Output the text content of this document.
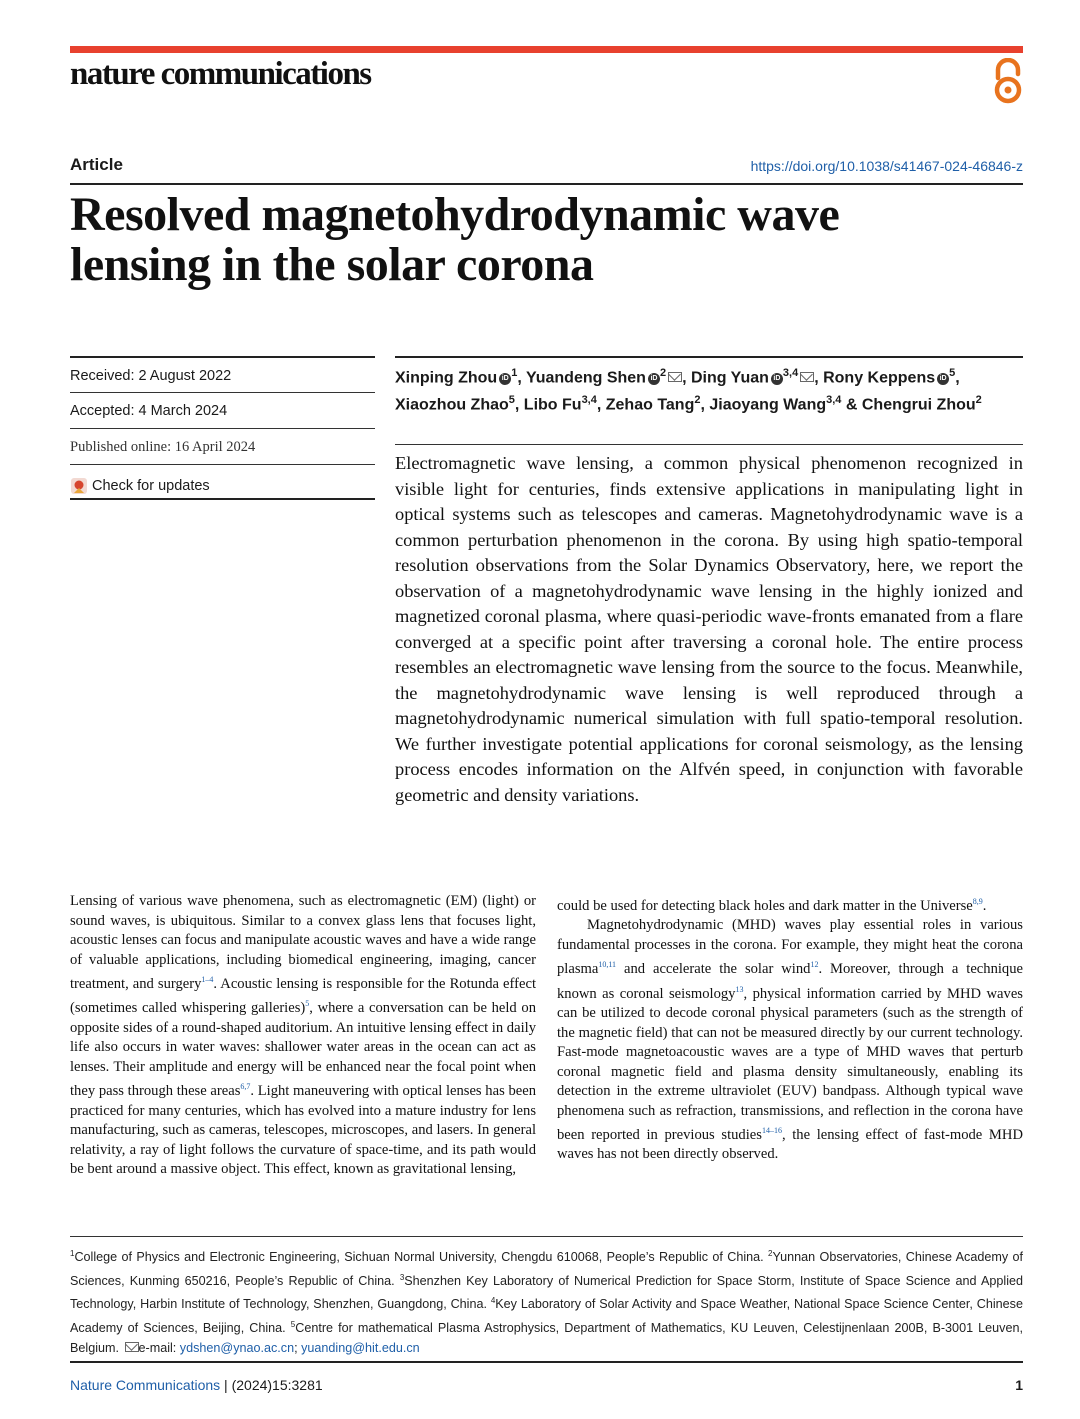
nature communications
Article	https://doi.org/10.1038/s41467-024-46846-z
Resolved magnetohydrodynamic wave
lensing in the solar corona
Received: 2 August 2022
Accepted: 4 March 2024
Published online: 16 April 2024
Check for updates
Xinping Zhou iD $^1$, Yuandeng Shen iD $^2$ , Ding Yuan iD $^{3,4}$ , Rony Keppens iD $^5$,
Xiaozhou Zhao$^5$, Libo Fu$^{3,4}$, Zehao Tang$^2$, Jiaoyang Wang$^{3,4}$ & Chengrui Zhou$^2$

Electromagnetic wave lensing, a common physical phenomenon recognized in visible light for centuries, finds extensive applications in manipulating light in optical systems such as telescopes and cameras. Magnetohydrodynamic wave is a common perturbation phenomenon in the corona. By using high spatio-temporal resolution observations from the Solar Dynamics Observatory, here, we report the observation of a magnetohydrodynamic wave lensing in the highly ionized and magnetized coronal plasma, where quasi-periodic wave-fronts emanated from a flare converged at a specific point after traversing a coronal hole. The entire process resembles an electromagnetic wave lensing from the source to the focus. Meanwhile, the magnetohydrodynamic wave lensing is well reproduced through a magnetohydrodynamic numerical simulation with full spatio-temporal resolution. We further investigate potential applications for coronal seismology, as the lensing process encodes information on the Alfvén speed, in conjunction with favorable geometric and density variations.

Lensing of various wave phenomena, such as electromagnetic (EM) (light) or sound waves, is ubiquitous. Similar to a convex glass lens that focuses light, acoustic lenses can focus and manipulate acoustic waves and have a wide range of valuable applications, including biomedical engineering, imaging, cancer treatment, and surgery$^{1-4}$. Acoustic lensing is responsible for the Rotunda effect (sometimes called whispering galleries)$^5$, where a conversation can be held on opposite sides of a round-shaped auditorium. An intuitive lensing effect in daily life also occurs in water waves: shallower water areas in the ocean can act as lenses. Their amplitude and energy will be enhanced near the focal point when they pass through these areas$^{6,7}$. Light maneuvering with optical lenses has been practiced for many centuries, which has evolved into a mature industry for lens manufacturing, such as cameras, telescopes, microscopes, and lasers. In general relativity, a ray of light follows the curvature of space-time, and its path would be bent around a massive object. This effect, known as gravitational lensing,

could be used for detecting black holes and dark matter in the Universe$^{8,9}$.

Magnetohydrodynamic (MHD) waves play essential roles in various fundamental processes in the corona. For example, they might heat the corona plasma$^{10,11}$ and accelerate the solar wind$^{12}$. Moreover, through a technique known as coronal seismology$^{13}$, physical information carried by MHD waves can be utilized to decode coronal physical parameters (such as the strength of the magnetic field) that can not be measured directly by our current technology. Fast-mode magnetoacoustic waves are a type of MHD waves that perturb coronal magnetic field and plasma density simultaneously, enabling its detection in the extreme ultraviolet (EUV) bandpass. Although typical wave phenomena such as refraction, transmissions, and reflection in the corona have been reported in previous studies$^{14-16}$, the lensing effect of fast-mode MHD waves has not been directly observed.

$^1$College of Physics and Electronic Engineering, Sichuan Normal University, Chengdu 610068, People’s Republic of China. $^2$Yunnan Observatories, Chinese Academy of Sciences, Kunming 650216, People’s Republic of China. $^3$Shenzhen Key Laboratory of Numerical Prediction for Space Storm, Institute of Space Science and Applied Technology, Harbin Institute of Technology, Shenzhen, Guangdong, China. $^4$Key Laboratory of Solar Activity and Space Weather, National Space Science Center, Chinese Academy of Sciences, Beijing, China. $^5$Centre for mathematical Plasma Astrophysics, Department of Mathematics, KU Leuven, Celestijnenlaan 200B, B-3001 Leuven, Belgium. e-mail: ydshen@ynao.ac.cn; yuanding@hit.edu.cn

Nature Communications | (2024)15:3281	1
